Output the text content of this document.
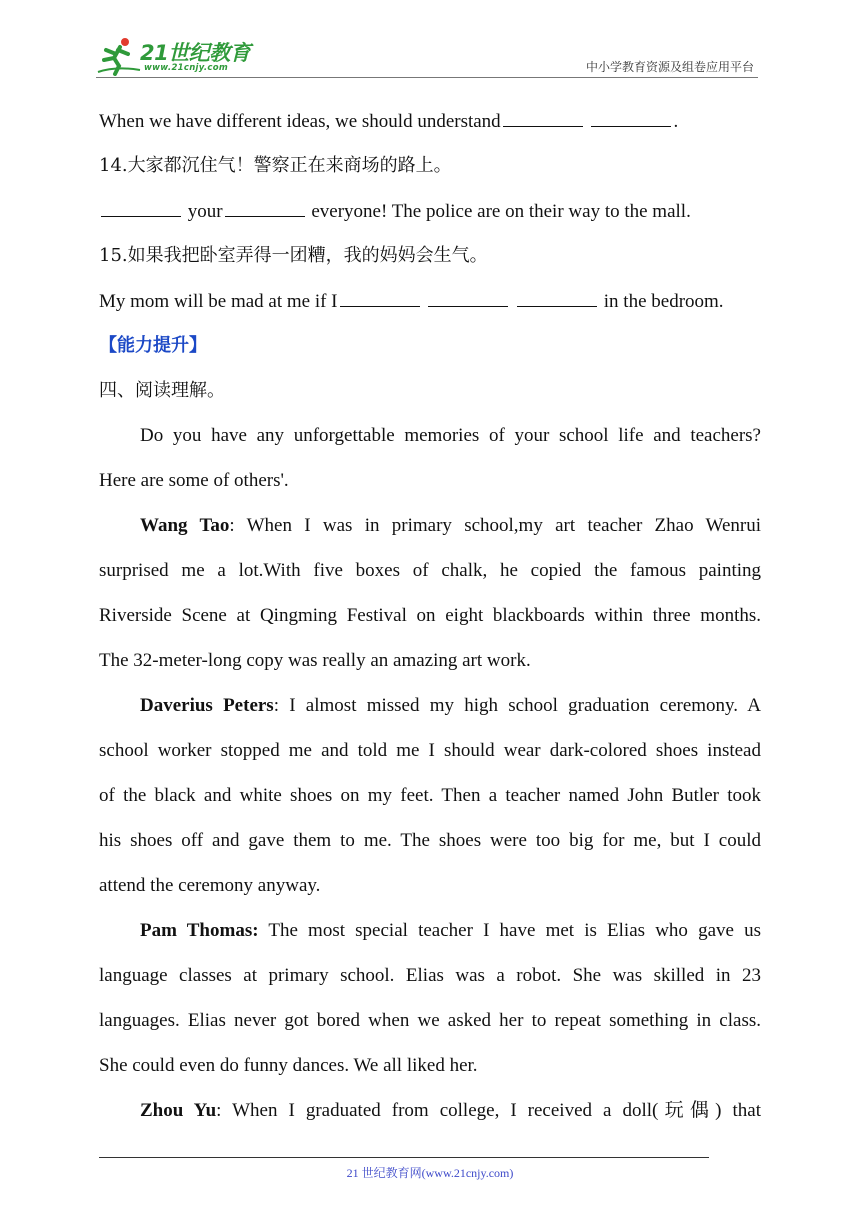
21世纪教育
www.21cnjy.com	中小学教育资源及组卷应用平台
When we have different ideas, we should understand	.
14.大家都沉住气！警察正在来商场的路上。
your	everyone! The police are on their way to the mall.
15.如果我把卧室弄得一团糟，我的妈妈会生气。
My mom will be mad at me if I	in the bedroom.
【能力提升】
四、阅读理解。
Do you have any unforgettable memories of your school life and teachers?
Here are some of others'.
Wang Tao: When I was in primary school,my art teacher Zhao Wenrui
surprised me a lot.With five boxes of chalk, he copied the famous painting
Riverside Scene at Qingming Festival on eight blackboards within three months.
The 32-meter-long copy was really an amazing art work.
Daverius Peters: I almost missed my high school graduation ceremony. A
school worker stopped me and told me I should wear dark-colored shoes instead
of the black and white shoes on my feet. Then a teacher named John Butler took
his shoes off and gave them to me. The shoes were too big for me, but I could
attend the ceremony anyway.
Pam Thomas: The most special teacher I have met is Elias who gave us
language classes at primary school. Elias was a robot. She was skilled in 23
languages. Elias never got bored when we asked her to repeat something in class.
She could even do funny dances. We all liked her.
Zhou Yu: When I graduated from college, I received a doll(玩偶) that
21 世纪教育网(www.21cnjy.com)
